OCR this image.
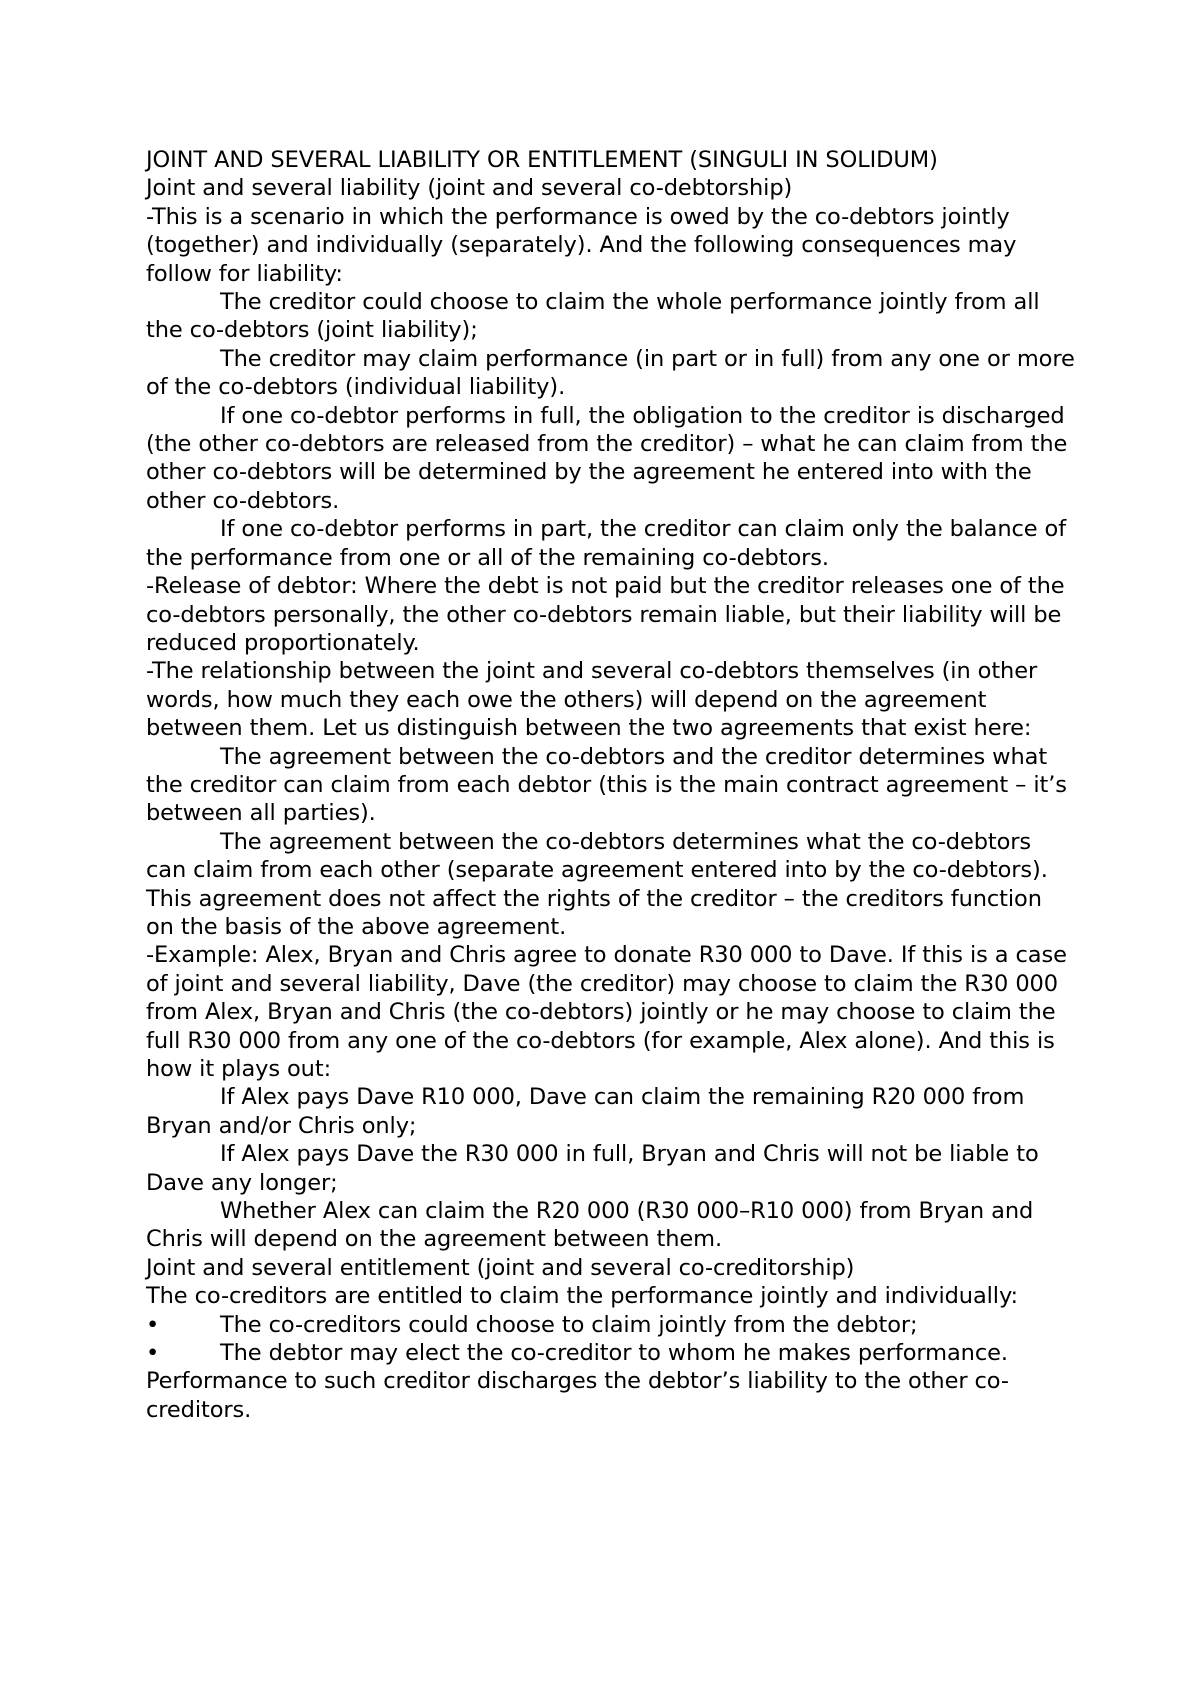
JOINT AND SEVERAL LIABILITY OR ENTITLEMENT (SINGULI IN SOLIDUM)

Joint and several liability (joint and several co-debtorship)

-This is a scenario in which the performance is owed by the co-debtors jointly (together) and individually (separately). And the following consequences may follow for liability:

The creditor could choose to claim the whole performance jointly from all the co-debtors (joint liability);

The creditor may claim performance (in part or in full) from any one or more of the co-debtors (individual liability).

If one co-debtor performs in full, the obligation to the creditor is discharged (the other co-debtors are released from the creditor) – what he can claim from the other co-debtors will be determined by the agreement he entered into with the other co-debtors.

If one co-debtor performs in part, the creditor can claim only the balance of the performance from one or all of the remaining co-debtors.

-Release of debtor: Where the debt is not paid but the creditor releases one of the co-debtors personally, the other co-debtors remain liable, but their liability will be reduced proportionately.

-The relationship between the joint and several co-debtors themselves (in other words, how much they each owe the others) will depend on the agreement between them. Let us distinguish between the two agreements that exist here:

The agreement between the co-debtors and the creditor determines what the creditor can claim from each debtor (this is the main contract agreement – it’s between all parties).

The agreement between the co-debtors determines what the co-debtors can claim from each other (separate agreement entered into by the co-debtors). This agreement does not affect the rights of the creditor – the creditors function on the basis of the above agreement.

-Example: Alex, Bryan and Chris agree to donate R30 000 to Dave. If this is a case of joint and several liability, Dave (the creditor) may choose to claim the R30 000 from Alex, Bryan and Chris (the co-debtors) jointly or he may choose to claim the full R30 000 from any one of the co-debtors (for example, Alex alone). And this is how it plays out:

If Alex pays Dave R10 000, Dave can claim the remaining R20 000 from Bryan and/or Chris only;

If Alex pays Dave the R30 000 in full, Bryan and Chris will not be liable to Dave any longer;

Whether Alex can claim the R20 000 (R30 000–R10 000) from Bryan and Chris will depend on the agreement between them.

Joint and several entitlement (joint and several co-creditorship)

The co-creditors are entitled to claim the performance jointly and individually:

•	The co-creditors could choose to claim jointly from the debtor;

•	The debtor may elect the co-creditor to whom he makes performance. Performance to such creditor discharges the debtor’s liability to the other co-creditors.
